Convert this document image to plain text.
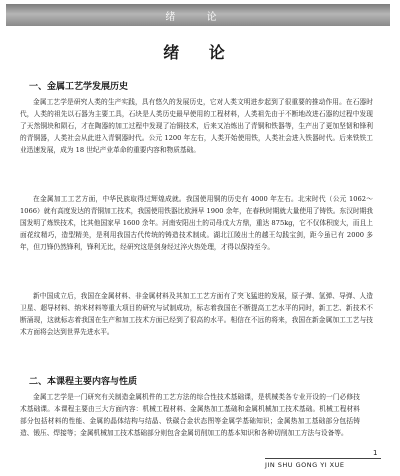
绪 论
绪 论
一、金属工艺学发展历史
金属工艺学是研究人类的生产实践，具有悠久的发展历史，它对人类文明进步起到了很重要的推动作用。在石器时代，人类的祖先以石器为主要工具，石块是人类历史最早使用的工程材料，人类祖先由于不断地改进石器的过程中发现了天然铜块和陨石，才在陶器的加工过程中发现了冶铜技术，后来又冶炼出了青铜和铁器等，生产出了更加坚韧和锋利的青铜器，人类社会从此进入青铜器时代。公元 1200 年左右，人类开始使用铁，人类社会进入铁器时代。后来铁铁工业迅速发展，成为 18 世纪产业革命的重要内容和物质基础。
在金属加工工艺方面，中华民族取得过辉煌成就。我国使用铜的历史有 4000 年左右。北宋时代（公元 1062～1066）就有高度发达的青铜加工技术，我国使用铁器比欧洲早 1900 余年，在春秋时期就大量使用了铸铁。东汉时期我国发明了炼铁技术，比其他国家早 1600 余年。河南安阳出土的司母戊大方鼎，重达 875kg，它不仅体积庞大，而且上面花纹精巧，造型精美，是利用我国古代传统的铸造技术制成。湖北江陵出土的越王勾践宝剑，距今虽已有 2000 多年，但刀锋仍然锋利，锋利无比，经研究这是剑身经过淬火热处理，才得以保持至今。
新中国成立后，我国在金属材料、非金属材料及其加工工艺方面有了突飞猛进的发展，原子弹、氢弹、导弹、人造卫星、超导材料、纳米材料等重大项目的研究与试制成功，标志着我国在不断提高工艺水平的同时，新工艺、新技术不断涌现，这就标志着我国在生产和加工技术方面已经到了很高的水平。相信在不远的将来，我国在新金属加工工艺与技术方面将会达到世界先进水平。
二、本课程主要内容与性质
金属工艺学是一门研究有关制造金属机件的工艺方法的综合性技术基础课，是机械类各专业开设的一门必修技术基础课。本课程主要由三大方面内容：机械工程材料、金属热加工基础和金属机械加工技术基础。机械工程材料部分包括材料的性能、金属的晶体结构与结晶、铁碳合金状态图等金属学基础知识；金属热加工基础部分包括铸造、锻压、焊接等；金属机械加工技术基础部分则包含金属切削加工的基本知识和各种切削加工方法与设备等。
1
JIN SHU GONG YI XUE
